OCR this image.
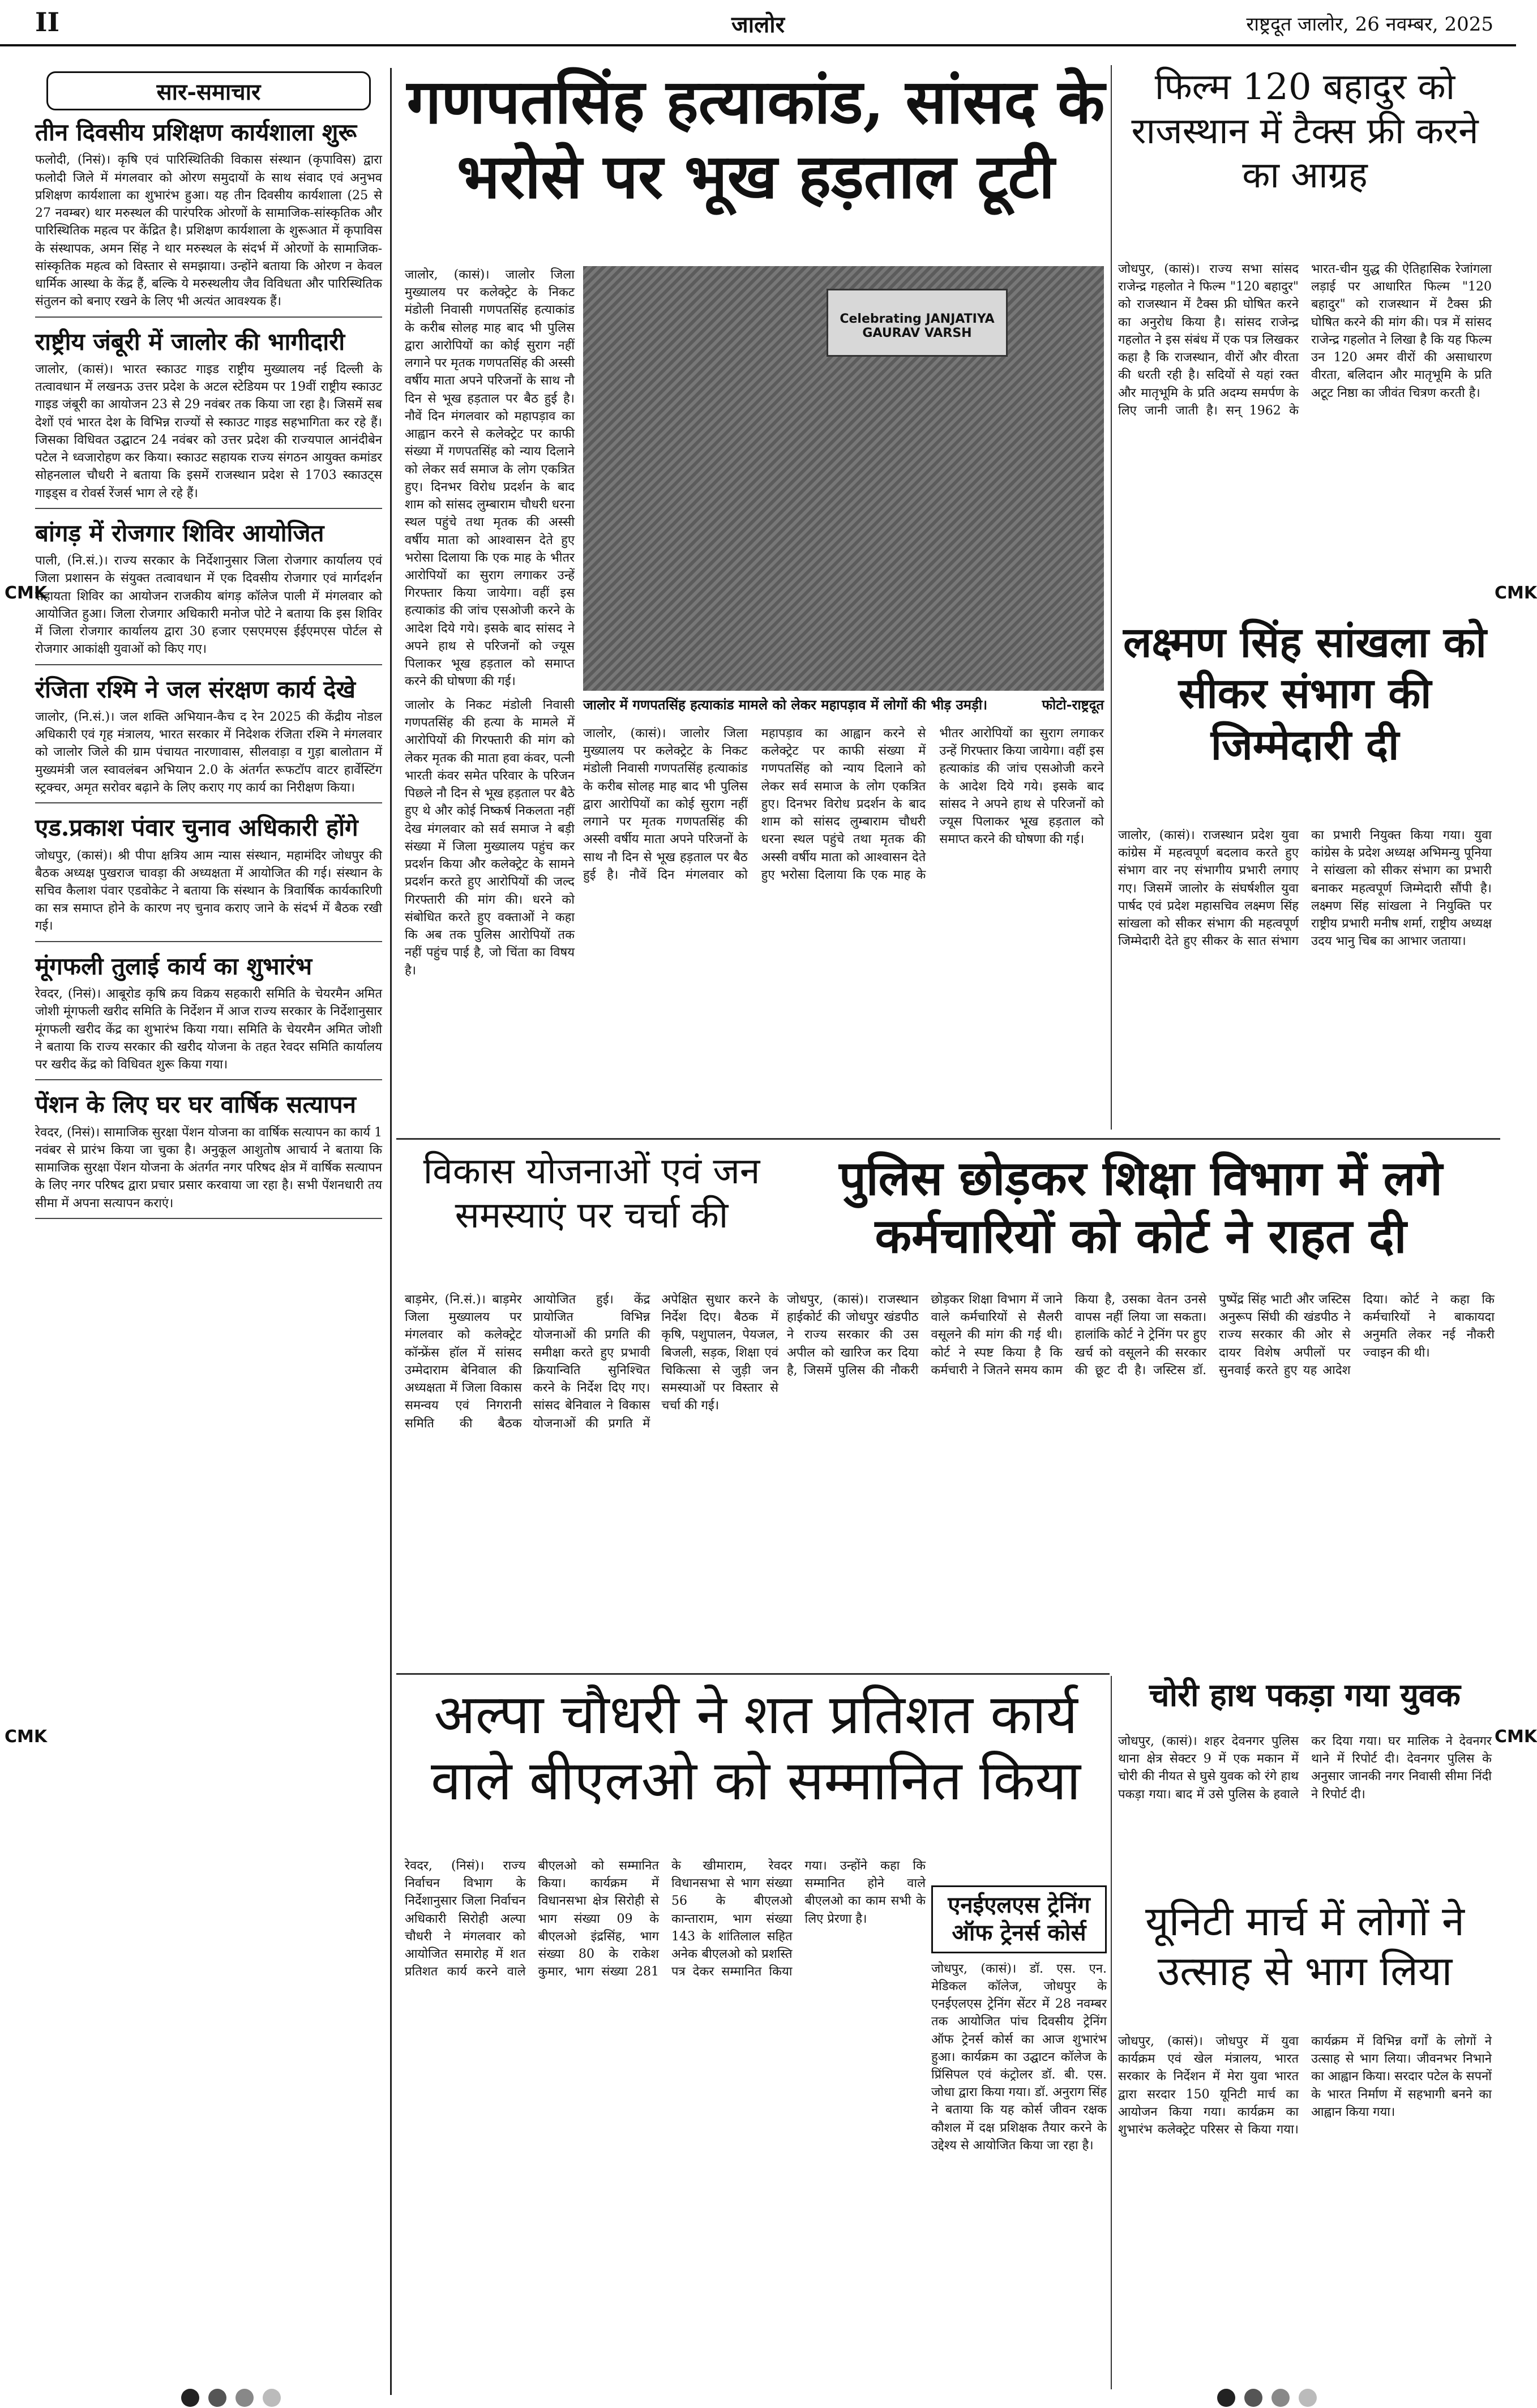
II	जालोर	राष्ट्रदूत जालोर, 26 नवम्बर, 2025
सार-समाचार
तीन दिवसीय प्रशिक्षण कार्यशाला शुरू

फलोदी, (निसं)। कृषि एवं पारिस्थितिकी विकास संस्थान (कृपाविस) द्वारा फलोदी जिले में मंगलवार को ओरण समुदायों के साथ संवाद एवं अनुभव प्रशिक्षण कार्यशाला का शुभारंभ हुआ। यह तीन दिवसीय कार्यशाला (25 से 27 नवम्बर) थार मरुस्थल की पारंपरिक ओरणों के सामाजिक-सांस्कृतिक और पारिस्थितिक महत्व पर केंद्रित है। प्रशिक्षण कार्यशाला के शुरूआत में कृपाविस के संस्थापक, अमन सिंह ने थार मरुस्थल के संदर्भ में ओरणों के सामाजिक-सांस्कृतिक महत्व को विस्तार से समझाया। उन्होंने बताया कि ओरण न केवल धार्मिक आस्था के केंद्र हैं, बल्कि ये मरुस्थलीय जैव विविधता और पारिस्थितिक संतुलन को बनाए रखने के लिए भी अत्यंत आवश्यक हैं।

राष्ट्रीय जंबूरी में जालोर की भागीदारी

जालोर, (कासं)। भारत स्काउट गाइड राष्ट्रीय मुख्यालय नई दिल्ली के तत्वावधान में लखनऊ उत्तर प्रदेश के अटल स्टेडियम पर 19वीं राष्ट्रीय स्काउट गाइड जंबूरी का आयोजन 23 से 29 नवंबर तक किया जा रहा है। जिसमें सब देशों एवं भारत देश के विभिन्न राज्यों से स्काउट गाइड सहभागिता कर रहे हैं। जिसका विधिवत उद्घाटन 24 नवंबर को उत्तर प्रदेश की राज्यपाल आनंदीबेन पटेल ने ध्वजारोहण कर किया। स्काउट सहायक राज्य संगठन आयुक्त कमांडर सोहनलाल चौधरी ने बताया कि इसमें राजस्थान प्रदेश से 1703 स्काउट्स गाइड्स व रोवर्स रेंजर्स भाग ले रहे हैं।

बांगड़ में रोजगार शिविर आयोजित

पाली, (नि.सं.)। राज्य सरकार के निर्देशानुसार जिला रोजगार कार्यालय एवं जिला प्रशासन के संयुक्त तत्वावधान में एक दिवसीय रोजगार एवं मार्गदर्शन सहायता शिविर का आयोजन राजकीय बांगड़ कॉलेज पाली में मंगलवार को आयोजित हुआ। जिला रोजगार अधिकारी मनोज पोटे ने बताया कि इस शिविर में जिला रोजगार कार्यालय द्वारा 30 हजार एसएमएस ईईएमएस पोर्टल से रोजगार आकांक्षी युवाओं को किए गए।

रंजिता रश्मि ने जल संरक्षण कार्य देखे

जालोर, (नि.सं.)। जल शक्ति अभियान-कैच द रेन 2025 की केंद्रीय नोडल अधिकारी एवं गृह मंत्रालय, भारत सरकार में निदेशक रंजिता रश्मि ने मंगलवार को जालोर जिले की ग्राम पंचायत नारणावास, सीलवाड़ा व गुड़ा बालोतान में मुख्यमंत्री जल स्वावलंबन अभियान 2.0 के अंतर्गत रूफटॉप वाटर हार्वेस्टिंग स्ट्रक्चर, अमृत सरोवर बढ़ाने के लिए कराए गए कार्य का निरीक्षण किया।

एड.प्रकाश पंवार चुनाव अधिकारी होंगे

जोधपुर, (कासं)। श्री पीपा क्षत्रिय आम न्यास संस्थान, महामंदिर जोधपुर की बैठक अध्यक्ष पुखराज चावड़ा की अध्यक्षता में आयोजित की गई। संस्थान के सचिव कैलाश पंवार एडवोकेट ने बताया कि संस्थान के त्रिवार्षिक कार्यकारिणी का सत्र समाप्त होने के कारण नए चुनाव कराए जाने के संदर्भ में बैठक रखी गई।

मूंगफली तुलाई कार्य का शुभारंभ

रेवदर, (निसं)। आबूरोड कृषि क्रय विक्रय सहकारी समिति के चेयरमैन अमित जोशी मूंगफली खरीद समिति के निर्देशन में आज राज्य सरकार के निर्देशानुसार मूंगफली खरीद केंद्र का शुभारंभ किया गया। समिति के चेयरमैन अमित जोशी ने बताया कि राज्य सरकार की खरीद योजना के तहत रेवदर समिति कार्यालय पर खरीद केंद्र को विधिवत शुरू किया गया।

पेंशन के लिए घर घर वार्षिक सत्यापन

रेवदर, (निसं)। सामाजिक सुरक्षा पेंशन योजना का वार्षिक सत्यापन का कार्य 1 नवंबर से प्रारंभ किया जा चुका है। अनुकूल आशुतोष आचार्य ने बताया कि सामाजिक सुरक्षा पेंशन योजना के अंतर्गत नगर परिषद क्षेत्र में वार्षिक सत्यापन के लिए नगर परिषद द्वारा प्रचार प्रसार करवाया जा रहा है। सभी पेंशनधारी तय सीमा में अपना सत्यापन कराएं।

गणपतसिंह हत्याकांड, सांसद के भरोसे पर भूख हड़ताल टूटी
जालोर, (कासं)। जालोर जिला मुख्यालय पर कलेक्ट्रेट के निकट मंडोली निवासी गणपतसिंह हत्याकांड के करीब सोलह माह बाद भी पुलिस द्वारा आरोपियों का कोई सुराग नहीं लगाने पर मृतक गणपतसिंह की अस्सी वर्षीय माता अपने परिजनों के साथ नौ दिन से भूख हड़ताल पर बैठ हुई है। नौवें दिन मंगलवार को महापड़ाव का आह्वान करने से कलेक्ट्रेट पर काफी संख्या में गणपतसिंह को न्याय दिलाने को लेकर सर्व समाज के लोग एकत्रित हुए। दिनभर विरोध प्रदर्शन के बाद शाम को सांसद लुम्बाराम चौधरी धरना स्थल पहुंचे तथा मृतक की अस्सी वर्षीय माता को आश्वासन देते हुए भरोसा दिलाया कि एक माह के भीतर आरोपियों का सुराग लगाकर उन्हें गिरफ्तार किया जायेगा। वहीं इस हत्याकांड की जांच एसओजी करने के आदेश दिये गये। इसके बाद सांसद ने अपने हाथ से परिजनों को ज्यूस पिलाकर भूख हड़ताल को समाप्त करने की घोषणा की गई।
Celebrating JANJATIYA GAURAV VARSH
जालोर में गणपतसिंह हत्याकांड मामले को लेकर महापड़ाव में लोगों की भीड़ उमड़ी।	फोटो-राष्ट्रदूत
जालोर के निकट मंडोली निवासी गणपतसिंह की हत्या के मामले में आरोपियों की गिरफ्तारी की मांग को लेकर मृतक की माता हवा कंवर, पत्नी भारती कंवर समेत परिवार के परिजन पिछले नौ दिन से भूख हड़ताल पर बैठे हुए थे और कोई निष्कर्ष निकलता नहीं देख मंगलवार को सर्व समाज ने बड़ी संख्या में जिला मुख्यालय पहुंच कर प्रदर्शन किया और कलेक्ट्रेट के सामने प्रदर्शन करते हुए आरोपियों की जल्द गिरफ्तारी की मांग की। धरने को संबोधित करते हुए वक्ताओं ने कहा कि अब तक पुलिस आरोपियों तक नहीं पहुंच पाई है, जो चिंता का विषय है।
जालोर, (कासं)। जालोर जिला मुख्यालय पर कलेक्ट्रेट के निकट मंडोली निवासी गणपतसिंह हत्याकांड के करीब सोलह माह बाद भी पुलिस द्वारा आरोपियों का कोई सुराग नहीं लगाने पर मृतक गणपतसिंह की अस्सी वर्षीय माता अपने परिजनों के साथ नौ दिन से भूख हड़ताल पर बैठ हुई है। नौवें दिन मंगलवार को महापड़ाव का आह्वान करने से कलेक्ट्रेट पर काफी संख्या में गणपतसिंह को न्याय दिलाने को लेकर सर्व समाज के लोग एकत्रित हुए। दिनभर विरोध प्रदर्शन के बाद शाम को सांसद लुम्बाराम चौधरी धरना स्थल पहुंचे तथा मृतक की अस्सी वर्षीय माता को आश्वासन देते हुए भरोसा दिलाया कि एक माह के भीतर आरोपियों का सुराग लगाकर उन्हें गिरफ्तार किया जायेगा। वहीं इस हत्याकांड की जांच एसओजी करने के आदेश दिये गये। इसके बाद सांसद ने अपने हाथ से परिजनों को ज्यूस पिलाकर भूख हड़ताल को समाप्त करने की घोषणा की गई।
फिल्म 120 बहादुर को राजस्थान में टैक्स फ्री करने का आग्रह
जोधपुर, (कासं)। राज्य सभा सांसद राजेन्द्र गहलोत ने फिल्म "120 बहादुर" को राजस्थान में टैक्स फ्री घोषित करने का अनुरोध किया है। सांसद राजेन्द्र गहलोत ने इस संबंध में एक पत्र लिखकर कहा है कि राजस्थान, वीरों और वीरता की धरती रही है। सदियों से यहां रक्त और मातृभूमि के प्रति अदम्य समर्पण के लिए जानी जाती है। सन् 1962 के भारत-चीन युद्ध की ऐतिहासिक रेजांगला लड़ाई पर आधारित फिल्म "120 बहादुर" को राजस्थान में टैक्स फ्री घोषित करने की मांग की। पत्र में सांसद राजेन्द्र गहलोत ने लिखा है कि यह फिल्म उन 120 अमर वीरों की असाधारण वीरता, बलिदान और मातृभूमि के प्रति अटूट निष्ठा का जीवंत चित्रण करती है।
लक्ष्मण सिंह सांखला को सीकर संभाग की जिम्मेदारी दी
जालोर, (कासं)। राजस्थान प्रदेश युवा कांग्रेस में महत्वपूर्ण बदलाव करते हुए संभाग वार नए संभागीय प्रभारी लगाए गए। जिसमें जालोर के संघर्षशील युवा पार्षद एवं प्रदेश महासचिव लक्ष्मण सिंह सांखला को सीकर संभाग की महत्वपूर्ण जिम्मेदारी देते हुए सीकर के सात संभाग का प्रभारी नियुक्त किया गया। युवा कांग्रेस के प्रदेश अध्यक्ष अभिमन्यु पूनिया ने सांखला को सीकर संभाग का प्रभारी बनाकर महत्वपूर्ण जिम्मेदारी सौंपी है। लक्ष्मण सिंह सांखला ने नियुक्ति पर राष्ट्रीय प्रभारी मनीष शर्मा, राष्ट्रीय अध्यक्ष उदय भानु चिब का आभार जताया।
विकास योजनाओं एवं जन समस्याएं पर चर्चा की
बाड़मेर, (नि.सं.)। बाड़मेर जिला मुख्यालय पर मंगलवार को कलेक्ट्रेट कॉन्फ्रेंस हॉल में सांसद उम्मेदाराम बेनिवाल की अध्यक्षता में जिला विकास समन्वय एवं निगरानी समिति की बैठक आयोजित हुई। केंद्र प्रायोजित विभिन्न योजनाओं की प्रगति की समीक्षा करते हुए प्रभावी क्रियान्विति सुनिश्चित करने के निर्देश दिए गए। सांसद बेनिवाल ने विकास योजनाओं की प्रगति में अपेक्षित सुधार करने के निर्देश दिए। बैठक में कृषि, पशुपालन, पेयजल, बिजली, सड़क, शिक्षा एवं चिकित्सा से जुड़ी जन समस्याओं पर विस्तार से चर्चा की गई।
पुलिस छोड़कर शिक्षा विभाग में लगे कर्मचारियों को कोर्ट ने राहत दी
जोधपुर, (कासं)। राजस्थान हाईकोर्ट की जोधपुर खंडपीठ ने राज्य सरकार की उस अपील को खारिज कर दिया है, जिसमें पुलिस की नौकरी छोड़कर शिक्षा विभाग में जाने वाले कर्मचारियों से सैलरी वसूलने की मांग की गई थी। कोर्ट ने स्पष्ट किया है कि कर्मचारी ने जितने समय काम किया है, उसका वेतन उनसे वापस नहीं लिया जा सकता। हालांकि कोर्ट ने ट्रेनिंग पर हुए खर्च को वसूलने की सरकार की छूट दी है। जस्टिस डॉ. पुष्पेंद्र सिंह भाटी और जस्टिस अनुरूप सिंघी की खंडपीठ ने राज्य सरकार की ओर से दायर विशेष अपीलों पर सुनवाई करते हुए यह आदेश दिया। कोर्ट ने कहा कि कर्मचारियों ने बाकायदा अनुमति लेकर नई नौकरी ज्वाइन की थी।
अल्पा चौधरी ने शत प्रतिशत कार्य वाले बीएलओ को सम्मानित किया
रेवदर, (निसं)। राज्य निर्वाचन विभाग के निर्देशानुसार जिला निर्वाचन अधिकारी सिरोही अल्पा चौधरी ने मंगलवार को आयोजित समारोह में शत प्रतिशत कार्य करने वाले बीएलओ को सम्मानित किया। कार्यक्रम में विधानसभा क्षेत्र सिरोही से भाग संख्या 09 के बीएलओ इंद्रसिंह, भाग संख्या 80 के राकेश कुमार, भाग संख्या 281 के खीमाराम, रेवदर विधानसभा से भाग संख्या 56 के बीएलओ कान्ताराम, भाग संख्या 143 के शांतिलाल सहित अनेक बीएलओ को प्रशस्ति पत्र देकर सम्मानित किया गया। उन्होंने कहा कि सम्मानित होने वाले बीएलओ का काम सभी के लिए प्रेरणा है।
एनईएलएस ट्रेनिंग ऑफ ट्रेनर्स कोर्स
जोधपुर, (कासं)। डॉ. एस. एन. मेडिकल कॉलेज, जोधपुर के एनईएलएस ट्रेनिंग सेंटर में 28 नवम्बर तक आयोजित पांच दिवसीय ट्रेनिंग ऑफ ट्रेनर्स कोर्स का आज शुभारंभ हुआ। कार्यक्रम का उद्घाटन कॉलेज के प्रिंसिपल एवं कंट्रोलर डॉ. बी. एस. जोधा द्वारा किया गया। डॉ. अनुराग सिंह ने बताया कि यह कोर्स जीवन रक्षक कौशल में दक्ष प्रशिक्षक तैयार करने के उद्देश्य से आयोजित किया जा रहा है।
चोरी हाथ पकड़ा गया युवक
जोधपुर, (कासं)। शहर देवनगर पुलिस थाना क्षेत्र सेक्टर 9 में एक मकान में चोरी की नीयत से घुसे युवक को रंगे हाथ पकड़ा गया। बाद में उसे पुलिस के हवाले कर दिया गया। घर मालिक ने देवनगर थाने में रिपोर्ट दी। देवनगर पुलिस के अनुसार जानकी नगर निवासी सीमा निंदी ने रिपोर्ट दी।
यूनिटी मार्च में लोगों ने उत्साह से भाग लिया
जोधपुर, (कासं)। जोधपुर में युवा कार्यक्रम एवं खेल मंत्रालय, भारत सरकार के निर्देशन में मेरा युवा भारत द्वारा सरदार 150 यूनिटी मार्च का आयोजन किया गया। कार्यक्रम का शुभारंभ कलेक्ट्रेट परिसर से किया गया। कार्यक्रम में विभिन्न वर्गों के लोगों ने उत्साह से भाग लिया। जीवनभर निभाने का आह्वान किया। सरदार पटेल के सपनों के भारत निर्माण में सहभागी बनने का आह्वान किया गया।
CMK	CMK
CMK	CMK
